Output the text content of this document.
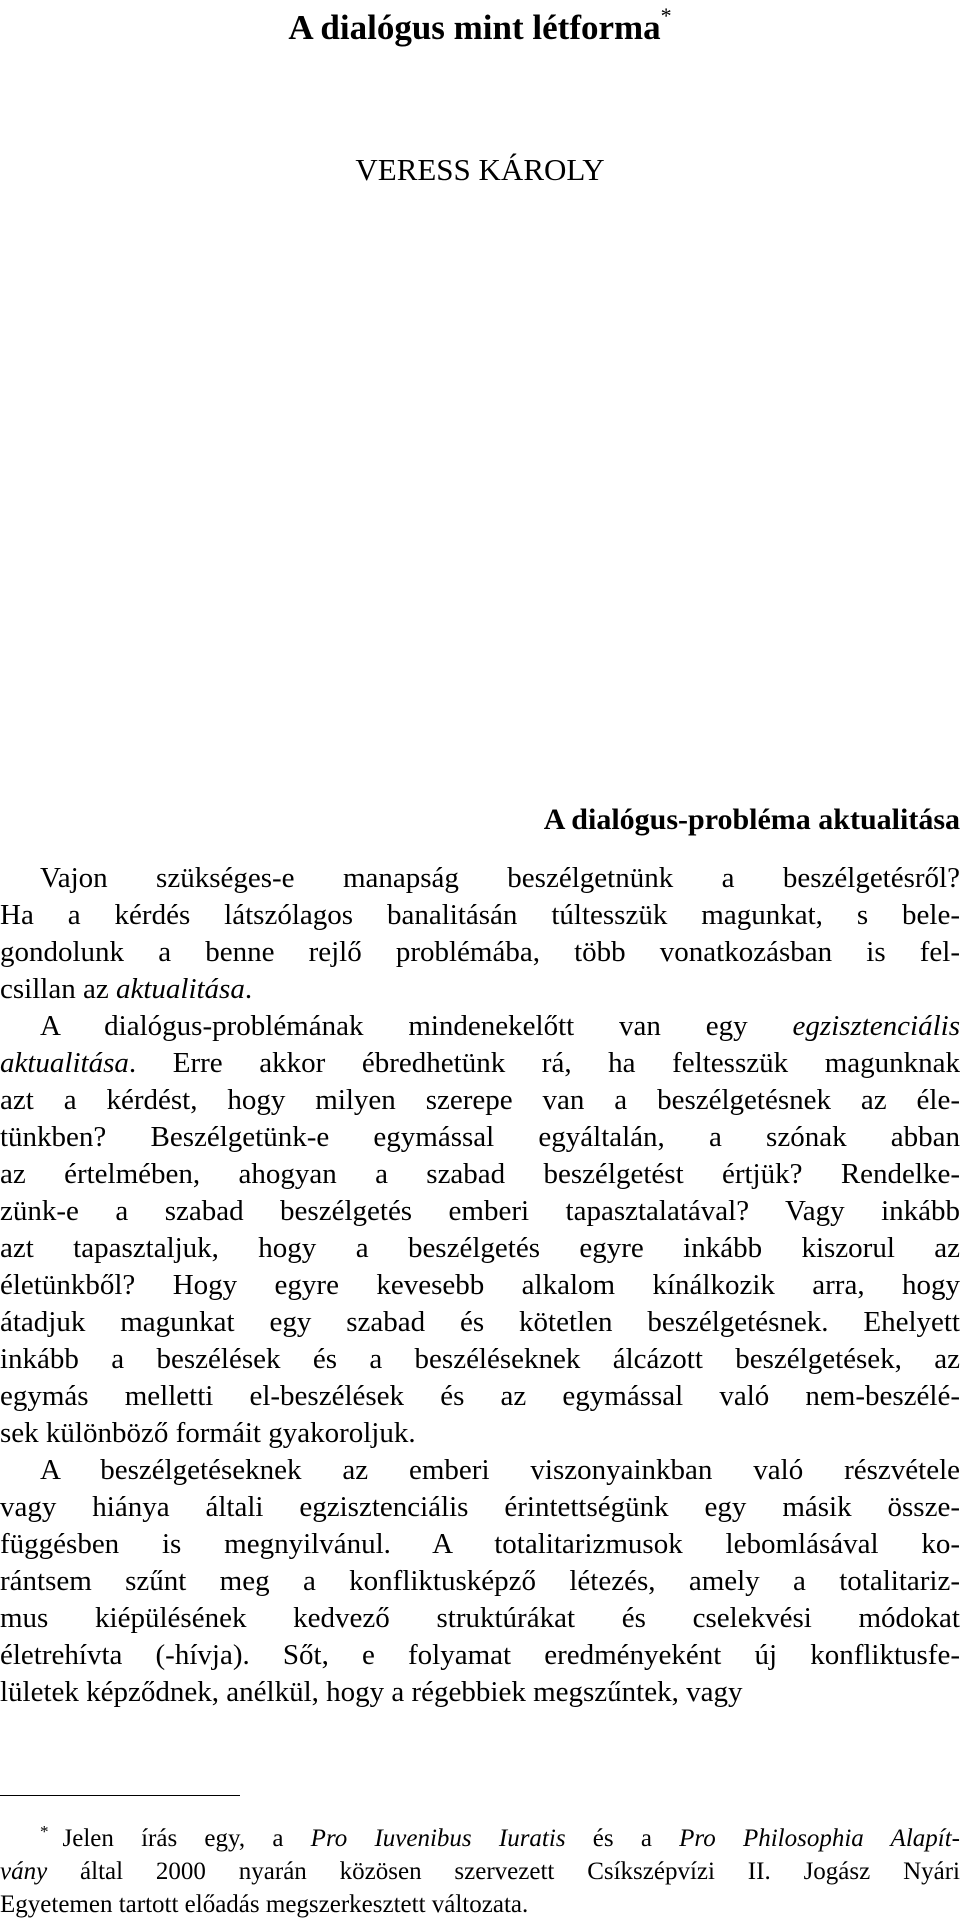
A dialógus mint létforma*
VERESS KÁROLY
A dialógus-probléma aktualitása
Vajon szükséges-e manapság beszélgetnünk a beszélgetésről?
Ha a kérdés látszólagos banalitásán túltesszük magunkat, s bele-
gondolunk a benne rejlő problémába, több vonatkozásban is fel-
csillan az aktualitása.
A dialógus-problémának mindenekelőtt van egy egzisztenciális
aktualitása. Erre akkor ébredhetünk rá, ha feltesszük magunknak
azt a kérdést, hogy milyen szerepe van a beszélgetésnek az éle-
tünkben? Beszélgetünk-e egymással egyáltalán, a szónak abban
az értelmében, ahogyan a szabad beszélgetést értjük? Rendelke-
zünk-e a szabad beszélgetés emberi tapasztalatával? Vagy inkább
azt tapasztaljuk, hogy a beszélgetés egyre inkább kiszorul az
életünkből? Hogy egyre kevesebb alkalom kínálkozik arra, hogy
átadjuk magunkat egy szabad és kötetlen beszélgetésnek. Ehelyett
inkább a beszélések és a beszéléseknek álcázott beszélgetések, az
egymás melletti el-beszélések és az egymással való nem-beszélé-
sek különböző formáit gyakoroljuk.
A beszélgetéseknek az emberi viszonyainkban való részvétele
vagy hiánya általi egzisztenciális érintettségünk egy másik össze-
függésben is megnyilvánul. A totalitarizmusok lebomlásával ko-
rántsem szűnt meg a konfliktusképző létezés, amely a totalitariz-
mus kiépülésének kedvező struktúrákat és cselekvési módokat
életrehívta (-hívja). Sőt, e folyamat eredményeként új konfliktusfe-
lületek képződnek, anélkül, hogy a régebbiek megszűntek, vagy
* Jelen írás egy, a Pro Iuvenibus Iuratis és a Pro Philosophia Alapít-
vány által 2000 nyarán közösen szervezett Csíkszépvízi II. Jogász Nyári
Egyetemen tartott előadás megszerkesztett változata.
